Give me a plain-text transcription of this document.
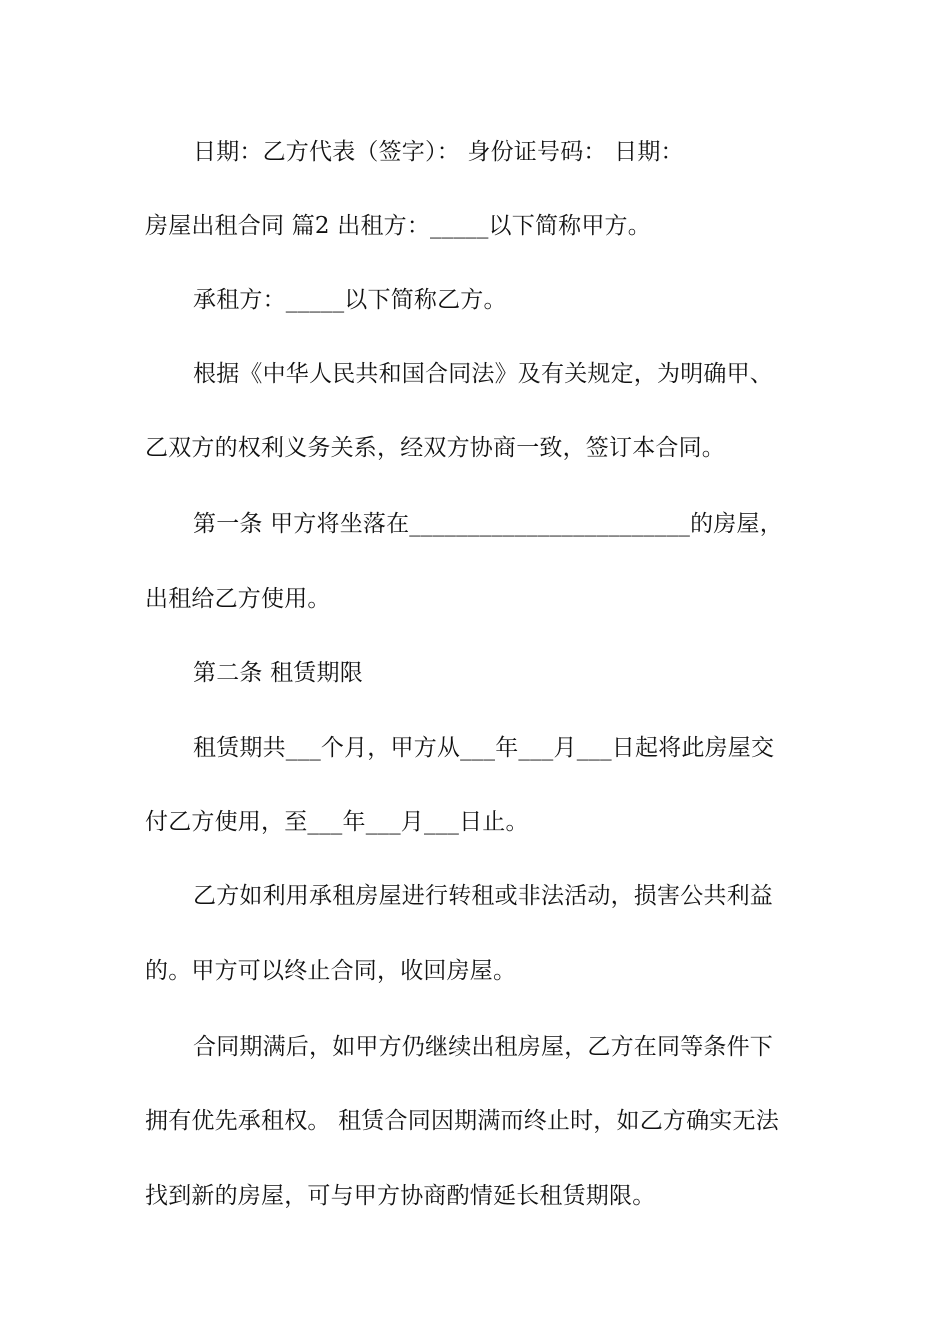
日期：乙方代表（签字）： 身份证号码： 日期：
房屋出租合同 篇2 出租方：_____以下简称甲方。
承租方：_____以下简称乙方。
根据《中华人民共和国合同法》及有关规定，为明确甲、
乙双方的权利义务关系，经双方协商一致，签订本合同。
第一条 甲方将坐落在________________________的房屋，
出租给乙方使用。
第二条 租赁期限
租赁期共___个月，甲方从___年___月___日起将此房屋交
付乙方使用，至___年___月___日止。
乙方如利用承租房屋进行转租或非法活动，损害公共利益
的。甲方可以终止合同，收回房屋。
合同期满后，如甲方仍继续出租房屋，乙方在同等条件下
拥有优先承租权。 租赁合同因期满而终止时，如乙方确实无法
找到新的房屋，可与甲方协商酌情延长租赁期限。
